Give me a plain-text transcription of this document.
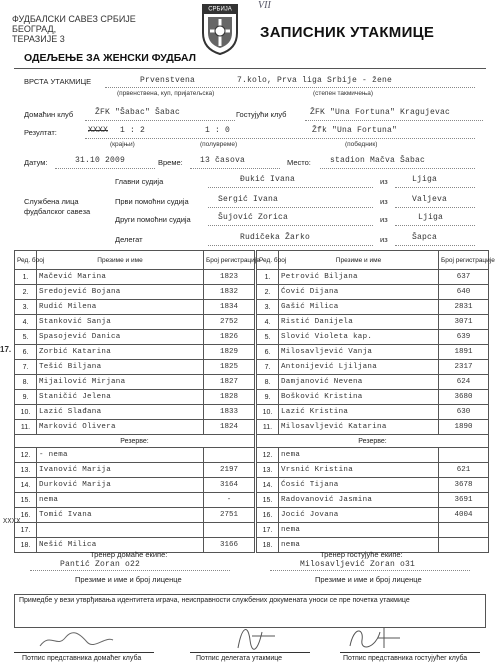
ФУДБАЛСКИ САВЕЗ СРБИЈЕ
БЕОГРАД,
ТЕРАЗИЈЕ 3
СРБИЈА	VII
ЗАПИСНИК УТАКМИЦЕ
ОДЕЉЕЊЕ ЗА ЖЕНСКИ ФУДБАЛ
ВРСТА УТАКМИЦЕ	Prvenstvena	7.kolo, Prva liga Srbije - žene
(првенствена, куп, пријатељска)	(степен такмичења)
Домаћин клуб	ŽFK "Šabac" Šabac	Гостујући клуб	ŽFK "Una Fortuna" Kragujevac
Резултат:	XXXX 1 : 2	1 : 0	Žfk "Una Fortuna"
(крајњи)	(полувреме)	(победник)
Датум:	31.10 2009	Време: 13 časova	Место: stadion Mačva Šabac
Службена лица
фудбалског савеза
Главни судија	Đukić Ivana	из	Ljiga
Први помоћни судија	Sergić Ivana	из	Valjeva
Други помоћни судија	Šujović Zorica	из	Ljiga
Делегат	Rudičeka Žarko	из	Šapca
17.
XXXX
Ред. број	Презиме и име	Број регистрације
1.	Mačević Marina	1823
2.	Sredojević Bojana	1832
3.	Rudić Milena	1834
4.	Stanković Sanja	2752
5.	Spasojević Danica	1826
6.	Zorbić Katarina	1829
7.	Tešić Biljana	1825
8.	Mijailović Mirjana	1827
9.	Staničić Jelena	1828
10.	Lazić Slađana	1833
11.	Marković Olivera	1824
Резерве:		
12.	- nema	
13.	Ivanović Marija	2197
14.	Durković Marija	3164
15.	nema	-
16.	Tomić Ivana	2751
17.		
18.	Nešić Milica	3166
Ред. број	Презиме и име	Број регистрације
1.	Petrović Biljana	637
2.	Ćović Dijana	640
3.	Gašić Milica	2831
4.	Ristić Danijela	3071
5.	Slović Violeta kap.	639
6.	Milosavljević Vanja	1891
7.	Antonijević Ljiljana	2317
8.	Damjanović Nevena	624
9.	Bošković Kristina	3680
10.	Lazić Kristina	630
11.	Milosavljević Katarina	1890
Резерве:		
12.	nema	
13.	Vrsnić Kristina	621
14.	Ćosić Tijana	3678
15.	Radovanović Jasmina	3691
16.	Jocić Jovana	4004
17.	nema	
18.	nema	
Тренер домаће екипе:
Pantić Zoran o22
Презиме и име и број лиценце
Тренер гостујуће екипе:
Milosavljević Zoran o31
Презиме и име и број лиценце
Примедбе у вези утврђивања идентитета играча, неисправности службених докумената уноси се пре почетка утакмице
Потпис представника домаћег клуба	Потпис делегата утакмице	Потпис представника гостујућег клуба
